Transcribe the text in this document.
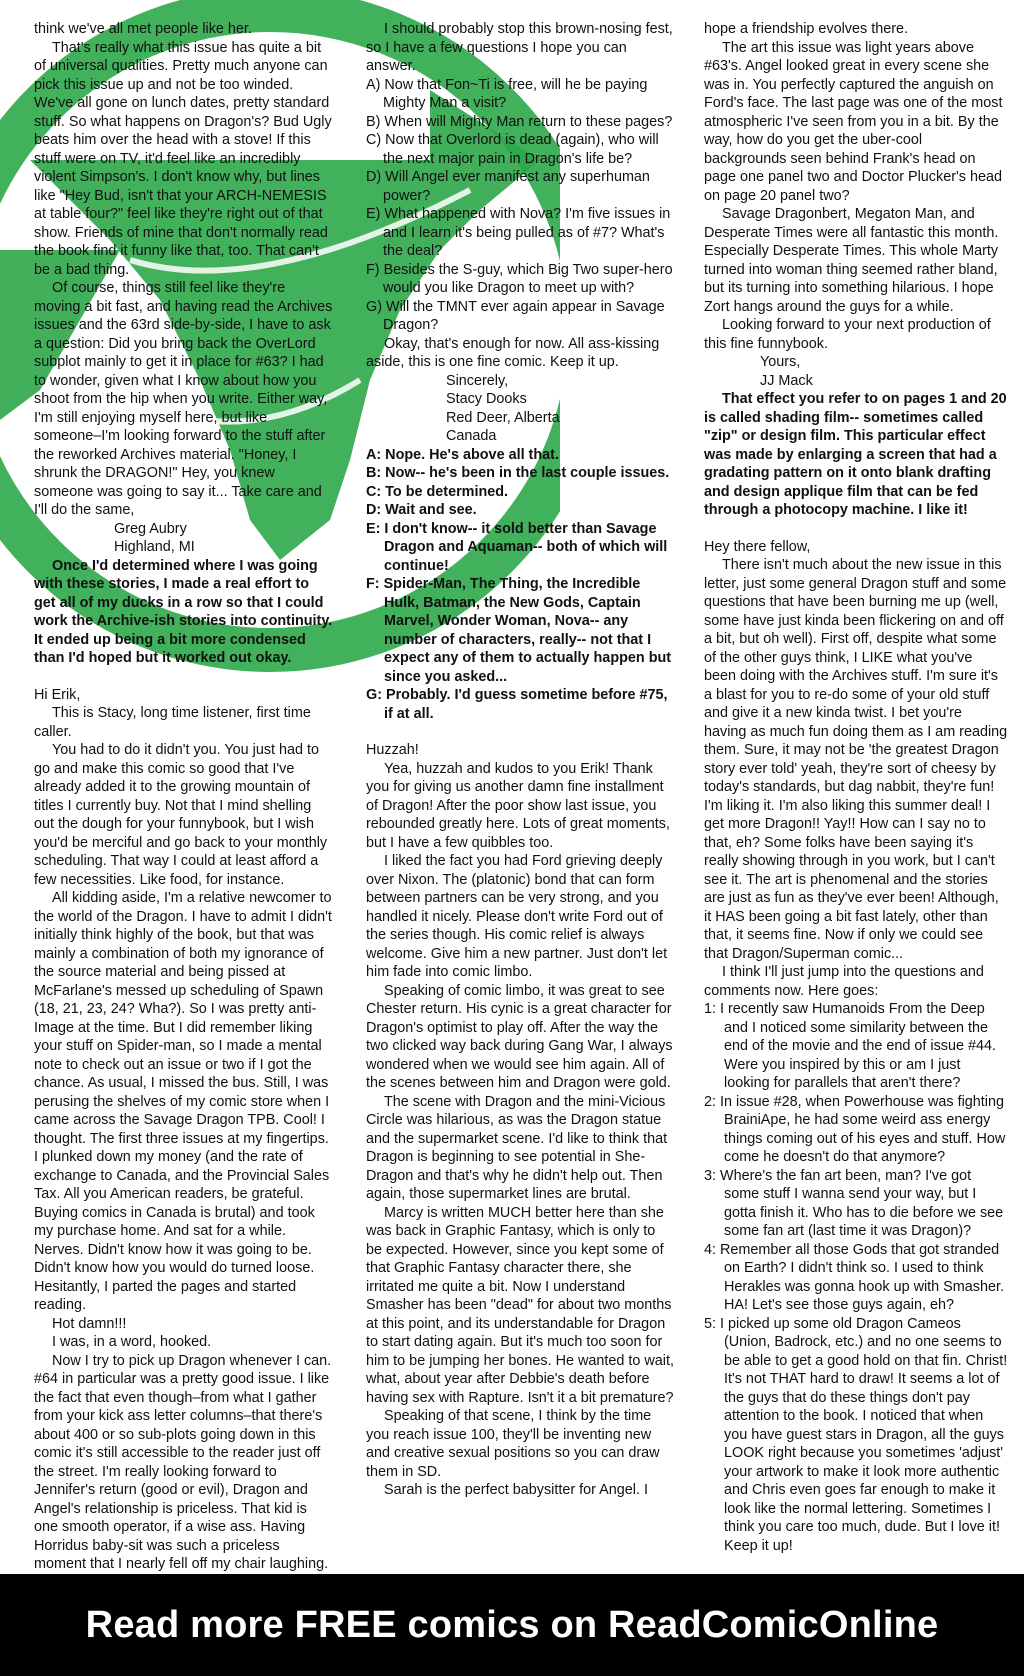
think we've all met people like her.

That's really what this issue has quite a bit of universal qualities. Pretty much anyone can pick this issue up and not be too winded. We've all gone on lunch dates, pretty standard stuff. So what happens on Dragon's? Bud Ugly beats him over the head with a stove! If this stuff were on TV, it'd feel like an incredibly violent Simpson's. I don't know why, but lines like "Hey Bud, isn't that your ARCH-NEMESIS at table four?" feel like they're right out of that show. Friends of mine that don't normally read the book find it funny like that, too. That can't be a bad thing.

Of course, things still feel like they're moving a bit fast, and having read the Archives issues and the 63rd side-by-side, I have to ask a question: Did you bring back the OverLord subplot mainly to get it in place for #63? I had to wonder, given what I know about how you shoot from the hip when you write. Either way, I'm still enjoying myself here, but like someone–I'm looking forward to the stuff after the reworked Archives material. "Honey, I shrunk the DRAGON!" Hey, you knew someone was going to say it... Take care and I'll do the same,

Greg Aubry

Highland, MI

Once I'd determined where I was going with these stories, I made a real effort to get all of my ducks in a row so that I could work the Archive-ish stories into continuity. It ended up being a bit more condensed than I'd hoped but it worked out okay.

Hi Erik,

This is Stacy, long time listener, first time caller.

You had to do it didn't you. You just had to go and make this comic so good that I've already added it to the growing mountain of titles I currently buy. Not that I mind shelling out the dough for your funnybook, but I wish you'd be merciful and go back to your monthly scheduling. That way I could at least afford a few necessities. Like food, for instance.

All kidding aside, I'm a relative newcomer to the world of the Dragon. I have to admit I didn't initially think highly of the book, but that was mainly a combination of both my ignorance of the source material and being pissed at McFarlane's messed up scheduling of Spawn (18, 21, 23, 24? Wha?). So I was pretty anti-Image at the time. But I did remember liking your stuff on Spider-man, so I made a mental note to check out an issue or two if I got the chance. As usual, I missed the bus. Still, I was perusing the shelves of my comic store when I came across the Savage Dragon TPB. Cool! I thought. The first three issues at my fingertips. I plunked down my money (and the rate of exchange to Canada, and the Provincial Sales Tax. All you American readers, be grateful. Buying comics in Canada is brutal) and took my purchase home. And sat for a while. Nerves. Didn't know how it was going to be. Didn't know how you would do turned loose. Hesitantly, I parted the pages and started reading.

Hot damn!!!

I was, in a word, hooked.

Now I try to pick up Dragon whenever I can. #64 in particular was a pretty good issue. I like the fact that even though–from what I gather from your kick ass letter columns–that there's about 400 or so sub-plots going down in this comic it's still accessible to the reader just off the street. I'm really looking forward to Jennifer's return (good or evil), Dragon and Angel's relationship is priceless. That kid is one smooth operator, if a wise ass. Having Horridus baby-sit was such a priceless moment that I nearly fell off my chair laughing.

I should probably stop this brown-nosing fest, so I have a few questions I hope you can answer.

A) Now that Fon~Ti is free, will he be paying Mighty Man a visit?

B) When will Mighty Man return to these pages?

C) Now that Overlord is dead (again), who will the next major pain in Dragon's life be?

D) Will Angel ever manifest any superhuman power?

E) What happened with Nova? I'm five issues in and I learn it's being pulled as of #7? What's the deal?

F) Besides the S-guy, which Big Two super-hero would you like Dragon to meet up with?

G) Will the TMNT ever again appear in Savage Dragon?

Okay, that's enough for now. All ass-kissing aside, this is one fine comic. Keep it up.

Sincerely,

Stacy Dooks

Red Deer, Alberta

Canada

A: Nope. He's above all that.

B: Now-- he's been in the last couple issues.

C: To be determined.

D: Wait and see.

E: I don't know-- it sold better than Savage Dragon and Aquaman-- both of which will continue!

F: Spider-Man, The Thing, the Incredible Hulk, Batman, the New Gods, Captain Marvel, Wonder Woman, Nova-- any number of characters, really-- not that I expect any of them to actually happen but since you asked...

G: Probably. I'd guess sometime before #75, if at all.

Huzzah!

Yea, huzzah and kudos to you Erik! Thank you for giving us another damn fine installment of Dragon! After the poor show last issue, you rebounded greatly here. Lots of great moments, but I have a few quibbles too.

I liked the fact you had Ford grieving deeply over Nixon. The (platonic) bond that can form between partners can be very strong, and you handled it nicely. Please don't write Ford out of the series though. His comic relief is always welcome. Give him a new partner. Just don't let him fade into comic limbo.

Speaking of comic limbo, it was great to see Chester return. His cynic is a great character for Dragon's optimist to play off. After the way the two clicked way back during Gang War, I always wondered when we would see him again. All of the scenes between him and Dragon were gold.

The scene with Dragon and the mini-Vicious Circle was hilarious, as was the Dragon statue and the supermarket scene. I'd like to think that Dragon is beginning to see potential in She-Dragon and that's why he didn't help out. Then again, those supermarket lines are brutal.

Marcy is written MUCH better here than she was back in Graphic Fantasy, which is only to be expected. However, since you kept some of that Graphic Fantasy character there, she irritated me quite a bit. Now I understand Smasher has been "dead" for about two months at this point, and its understandable for Dragon to start dating again. But it's much too soon for him to be jumping her bones. He wanted to wait, what, about year after Debbie's death before having sex with Rapture. Isn't it a bit premature?

Speaking of that scene, I think by the time you reach issue 100, they'll be inventing new and creative sexual positions so you can draw them in SD.

Sarah is the perfect babysitter for Angel. I

hope a friendship evolves there.

The art this issue was light years above #63's. Angel looked great in every scene she was in. You perfectly captured the anguish on Ford's face. The last page was one of the most atmospheric I've seen from you in a bit. By the way, how do you get the uber-cool backgrounds seen behind Frank's head on page one panel two and Doctor Plucker's head on page 20 panel two?

Savage Dragonbert, Megaton Man, and Desperate Times were all fantastic this month. Especially Desperate Times. This whole Marty turned into woman thing seemed rather bland, but its turning into something hilarious. I hope Zort hangs around the guys for a while.

Looking forward to your next production of this fine funnybook.

Yours,

JJ Mack

That effect you refer to on pages 1 and 20 is called shading film-- sometimes called "zip" or design film. This particular effect was made by enlarging a screen that had a gradating pattern on it onto blank drafting and design applique film that can be fed through a photocopy machine. I like it!

Hey there fellow,

There isn't much about the new issue in this letter, just some general Dragon stuff and some questions that have been burning me up (well, some have just kinda been flickering on and off a bit, but oh well). First off, despite what some of the other guys think, I LIKE what you've been doing with the Archives stuff. I'm sure it's a blast for you to re-do some of your old stuff and give it a new kinda twist. I bet you're having as much fun doing them as I am reading them. Sure, it may not be 'the greatest Dragon story ever told' yeah, they're sort of cheesy by today's standards, but dag nabbit, they're fun! I'm liking it. I'm also liking this summer deal! I get more Dragon!! Yay!! How can I say no to that, eh? Some folks have been saying it's really showing through in you work, but I can't see it. The art is phenomenal and the stories are just as fun as they've ever been! Although, it HAS been going a bit fast lately, other than that, it seems fine. Now if only we could see that Dragon/Superman comic...

I think I'll just jump into the questions and comments now. Here goes:

1: I recently saw Humanoids From the Deep and I noticed some similarity between the end of the movie and the end of issue #44. Were you inspired by this or am I just looking for parallels that aren't there?

2: In issue #28, when Powerhouse was fighting BrainiApe, he had some weird ass energy things coming out of his eyes and stuff. How come he doesn't do that anymore?

3: Where's the fan art been, man? I've got some stuff I wanna send your way, but I gotta finish it. Who has to die before we see some fan art (last time it was Dragon)?

4: Remember all those Gods that got stranded on Earth? I didn't think so. I used to think Herakles was gonna hook up with Smasher. HA! Let's see those guys again, eh?

5: I picked up some old Dragon Cameos (Union, Badrock, etc.) and no one seems to be able to get a good hold on that fin. Christ! It's not THAT hard to draw! It seems a lot of the guys that do these things don't pay attention to the book. I noticed that when you have guest stars in Dragon, all the guys LOOK right because you sometimes 'adjust' your artwork to make it look more authentic and Chris even goes far enough to make it look like the normal lettering. Sometimes I think you care too much, dude. But I love it! Keep it up!

Read more FREE comics on ReadComicOnline
